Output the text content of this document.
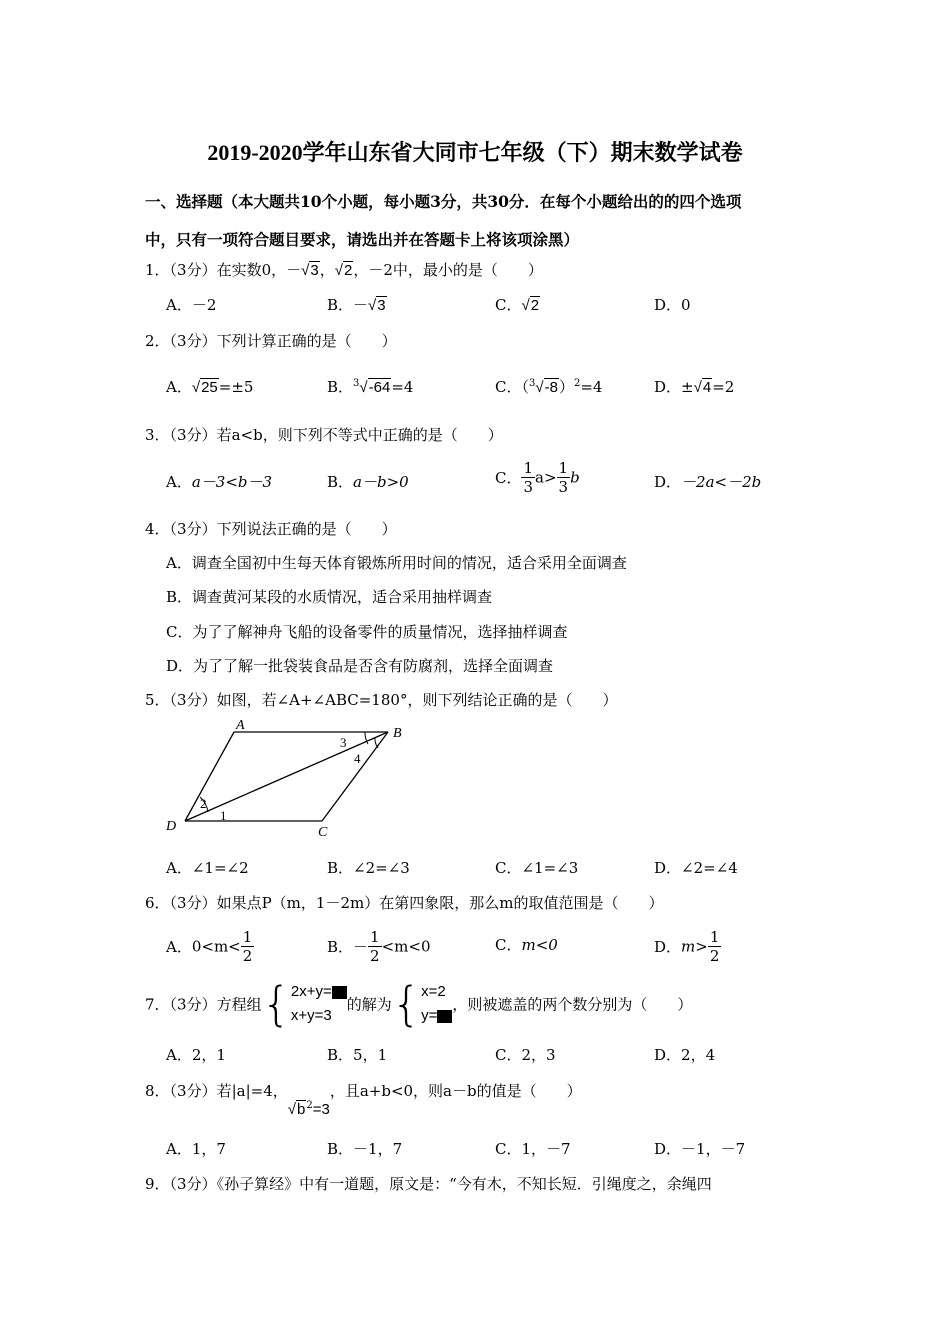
2019-2020学年山东省大同市七年级（下）期末数学试卷
一、选择题（本大题共10个小题，每小题3分，共30分．在每个小题给出的的四个选项
中，只有一项符合题目要求，请选出并在答题卡上将该项涂黑）
1．（3分）在实数0，－√3，√2，－2中，最小的是（　　）
A．－2	B．－√3	C．√2	D．0
2．（3分）下列计算正确的是（　　）
A．√25=±5	B．$^3$√-64=4	C．$(^3√-8)^2=4$	D．±√4=2
3．（3分）若a<b，则下列不等式中正确的是（　　）
A．a－3<b－3	B．a－b>0	C． $\frac{1}{3} a> \frac{1}{3}$ b	D．－2a<－2b
4．（3分）下列说法正确的是（　　）
A．调查全国初中生每天体育锻炼所用时间的情况，适合采用全面调查
B．调查黄河某段的水质情况，适合采用抽样调查
C．为了了解神舟飞船的设备零件的质量情况，选择抽样调查
D．为了了解一批袋装食品是否含有防腐剂，选择全面调查
5．（3分）如图，若∠A+∠ABC=180°，则下列结论正确的是（　　）
A
B
C
D
1
2
3
4
A．∠1=∠2	B．∠2=∠3	C．∠1=∠3	D．∠2=∠4
6．（3分）如果点P（m，1－2m）在第四象限，那么m的取值范围是（　　）
A．$0<m< \frac{1}{2}$	B．－ $\frac{1}{2} <m<0$	C．m<0	D．$m> \frac{1}{2}$
7．（3分）方程组{2x+y=
x+y=3的解为{x=2
y=，则被遮盖的两个数分别为（　　）
A．2，1	B．5，1	C．2，3	D．2，4
8．（3分）若|a|=4，$√b^2=3$，且a+b<0，则a－b的值是（　　）
A．1，7	B．－1，7	C．1，－7	D．－1，－7
9．（3分）《孙子算经》中有一道题，原文是：“今有木，不知长短．引绳度之，余绳四
